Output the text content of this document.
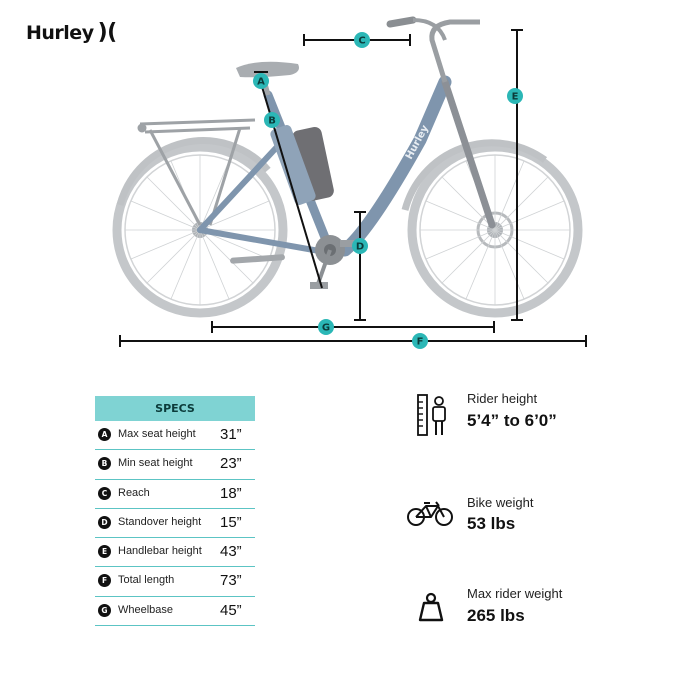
Hurley )(
Hurley
A
B
C
D
E
F
G
SPECS
A Max seat height 31”
B Min seat height 23”
C Reach	18”
D Standover height 15”
E Handlebar height 43”
F Total length	73”
G Wheelbase	45”
Rider height
5’4” to 6’0”
Bike weight
53 lbs
Max rider weight
265 lbs
